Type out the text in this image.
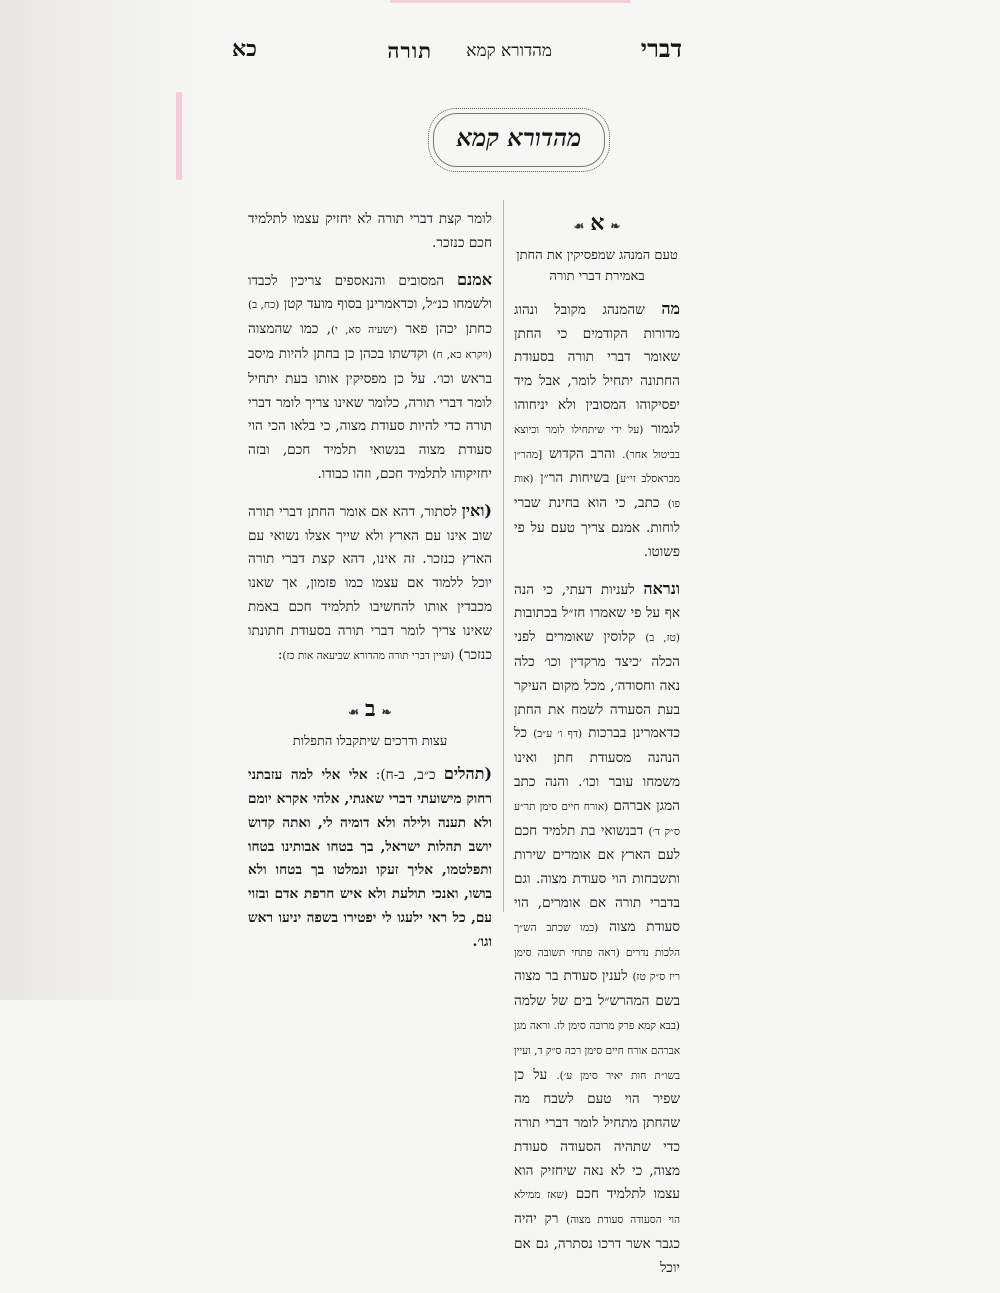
דברי
מהדורא קמא
תורה
כא
מהדורא קמא
❧א☙
טעם המנהג שמפסיקין את החתן
באמירת דברי תורה

מה שהמנהג מקובל ונהוג מדורות הקודמים כי החתן שאומר דברי תורה בסעודת החתונה יתחיל לומר, אבל מיד יפסיקוהו המסובין ולא יניחוהו לגמור (על ידי שיתחילו לומר וכיוצא בביטול אחר). והרב הקדוש [מהר״ן מבראסלב זי״ע] בשיחות הר״ן (אות פו) כתב, כי הוא בחינת שברי לוחות. אמנם צריך טעם על פי פשוטו.

ונראה לעניות דעתי, כי הנה אף על פי שאמרו חז״ל בכתובות (טז, ב) קלוסין שאומרים לפני הכלה ׳כיצד מרקדין וכו׳ כלה נאה וחסודה׳, מכל מקום העיקר בעת הסעודה לשמח את החתן כדאמרינן בברכות (דף ו׳ ע״ב) כל הנהנה מסעודת חתן ואינו משמחו עובר וכו׳. והנה כתב המגן אברהם (אורח חיים סימן תר״ע ס״ק ד׳) דבנשואי בת תלמיד חכם לעם הארץ אם אומרים שירות ותשבחות הוי סעודת מצוה. וגם בדברי תורה אם אומרים, הוי סעודת מצוה (כמו שכתב הש״ך הלכות נדרים (ראה פתחי תשובה סימן ריז ס״ק טז) לענין סעודת בר מצוה בשם המהרש״ל בים של שלמה (בבא קמא פרק מרובה סימן לז. וראה מגן אברהם אורח חיים סימן רכה ס״ק ד, ועיין בשו״ת חות יאיר סימן ע׳). על כן שפיר הוי טעם לשבח מה שהחתן מתחיל לומר דברי תורה כדי שתהיה הסעודה סעודת מצוה, כי לא נאה שיחזיק הוא עצמו לתלמיד חכם (שאז ממילא הוי הסעודה סעודת מצוה) רק יהיה כגבר אשר דרכו נסתרה, גם אם יוכל

לומר קצת דברי תורה לא יחזיק עצמו לתלמיד חכם כנזכר.

אמנם המסובים והנאספים צריכין לכבדו ולשמחו כנ״ל, וכדאמרינן בסוף מועד קטן (כח, ב) כחתן יכהן פאר (ישעיה סא, י), כמו שהמצוה (ויקרא כא, ח) וקדשתו בכהן כן בחתן להיות מיסב בראש וכו׳. על כן מפסיקין אותו בעת יתחיל לומר דברי תורה, כלומר שאינו צריך לומר דברי תורה כדי להיות סעודת מצוה, כי בלאו הכי הוי סעודת מצוה בנשואי תלמיד חכם, ובזה יחזיקוהו לתלמיד חכם, וזהו כבודו.

(ואין לסתור, דהא אם אומר החתן דברי תורה שוב אינו עם הארץ ולא שייך אצלו נשואי עם הארץ כנזכר. זה אינו, דהא קצת דברי תורה יוכל ללמוד אם עצמו כמו פזמון, אך שאנו מכבדין אותו להחשיבו לתלמיד חכם באמת שאינו צריך לומר דברי תורה בסעודת חתונתו כנזכר) (ועיין דברי תורה מהדורא שביעאה אות כז):

❧ב☙
עצות ודרכים שיתקבלו התפלות

(תהלים כ״ב, ב-ח): אלי אלי למה עזבתני רחוק מישועתי דברי שאגתי, אלהי אקרא יומם ולא תענה ולילה ולא דומיה לי, ואתה קדוש יושב תהלות ישראל, בך בטחו אבותינו בטחו ותפלטמו, אליך זעקו ונמלטו בך בטחו ולא בושו, ואנכי תולעת ולא איש חרפת אדם ובזוי עם, כל ראי ילעגו לי יפטירו בשפה יניעו ראש וגו׳.
